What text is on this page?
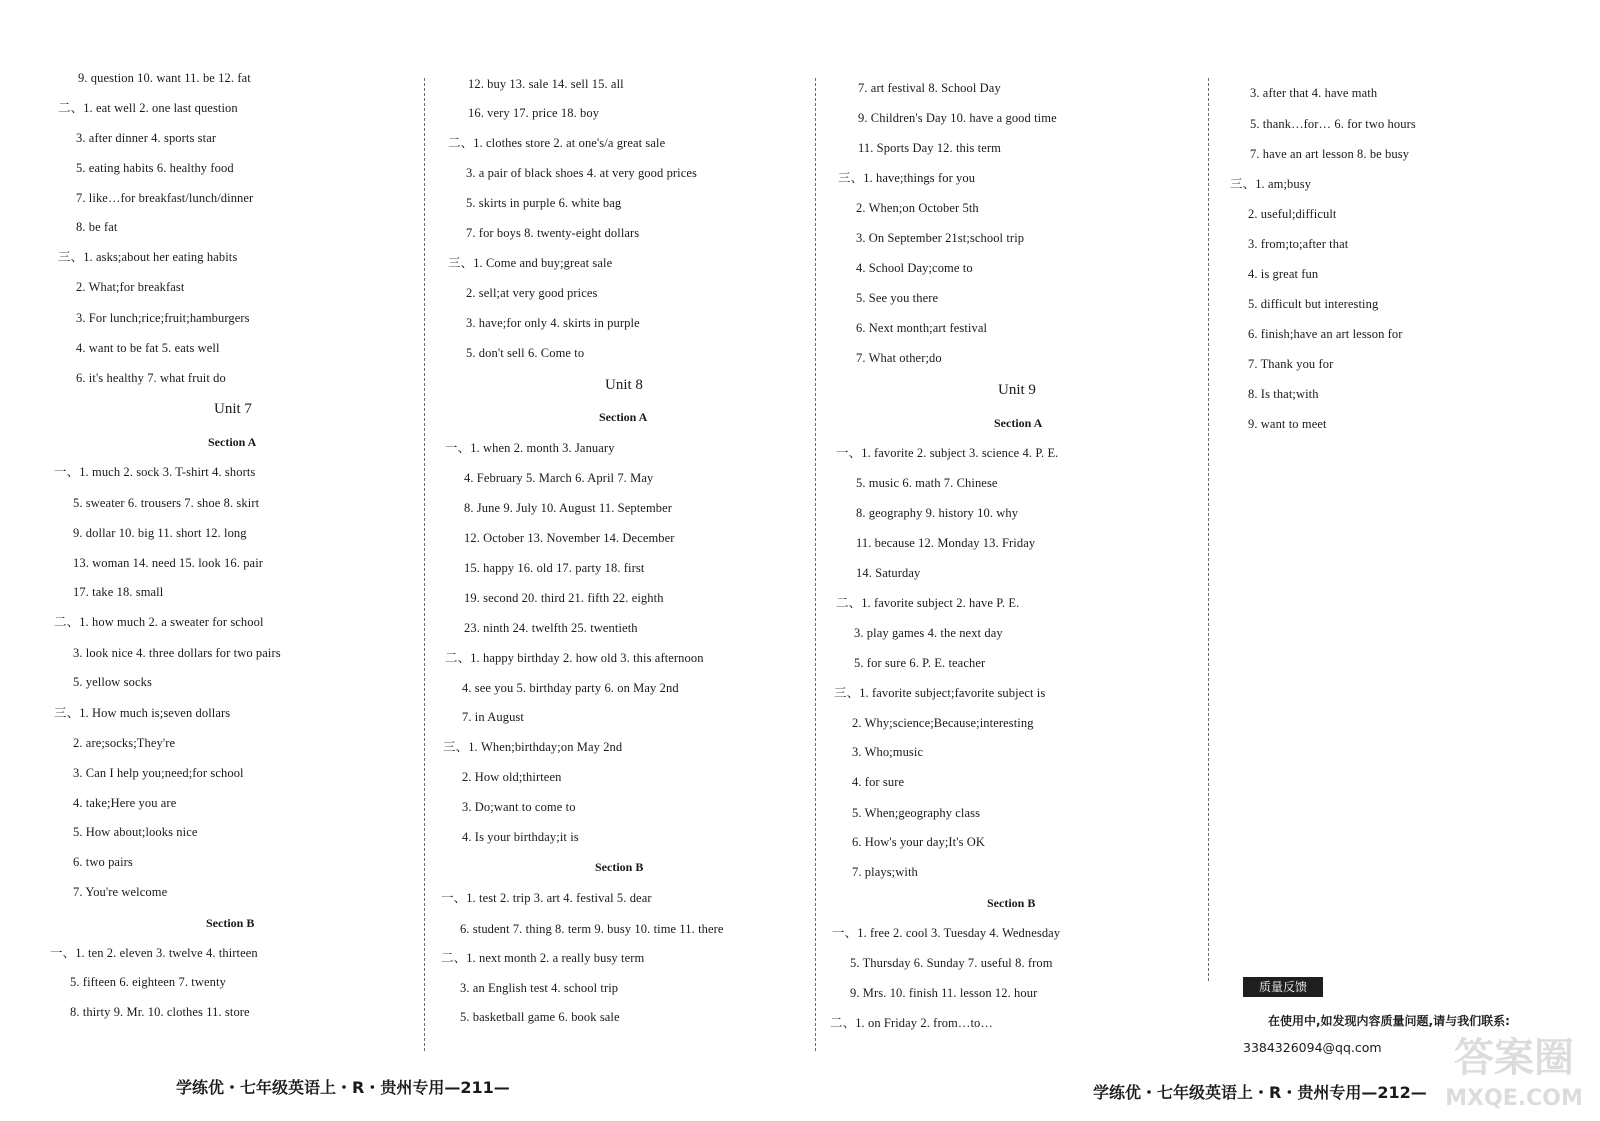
9. question 10. want 11. be 12. fat
二、1. eat well 2. one last question
3. after dinner 4. sports star
5. eating habits 6. healthy food
7. like…for breakfast/lunch/dinner
8. be fat
三、1. asks;about her eating habits
2. What;for breakfast
3. For lunch;rice;fruit;hamburgers
4. want to be fat 5. eats well
6. it's healthy 7. what fruit do
Unit 7
Section A
一、1. much 2. sock 3. T-shirt 4. shorts
5. sweater 6. trousers 7. shoe 8. skirt
9. dollar 10. big 11. short 12. long
13. woman 14. need 15. look 16. pair
17. take 18. small
二、1. how much 2. a sweater for school
3. look nice 4. three dollars for two pairs
5. yellow socks
三、1. How much is;seven dollars
2. are;socks;They're
3. Can I help you;need;for school
4. take;Here you are
5. How about;looks nice
6. two pairs
7. You're welcome
Section B
一、1. ten 2. eleven 3. twelve 4. thirteen
5. fifteen 6. eighteen 7. twenty
8. thirty 9. Mr. 10. clothes 11. store
12. buy 13. sale 14. sell 15. all
16. very 17. price 18. boy
二、1. clothes store 2. at one's/a great sale
3. a pair of black shoes 4. at very good prices
5. skirts in purple 6. white bag
7. for boys 8. twenty-eight dollars
三、1. Come and buy;great sale
2. sell;at very good prices
3. have;for only 4. skirts in purple
5. don't sell 6. Come to
Unit 8
Section A
一、1. when 2. month 3. January
4. February 5. March 6. April 7. May
8. June 9. July 10. August 11. September
12. October 13. November 14. December
15. happy 16. old 17. party 18. first
19. second 20. third 21. fifth 22. eighth
23. ninth 24. twelfth 25. twentieth
二、1. happy birthday 2. how old 3. this afternoon
4. see you 5. birthday party 6. on May 2nd
7. in August
三、1. When;birthday;on May 2nd
2. How old;thirteen
3. Do;want to come to
4. Is your birthday;it is
Section B
一、1. test 2. trip 3. art 4. festival 5. dear
6. student 7. thing 8. term 9. busy 10. time 11. there
二、1. next month 2. a really busy term
3. an English test 4. school trip
5. basketball game 6. book sale
7. art festival 8. School Day
9. Children's Day 10. have a good time
11. Sports Day 12. this term
三、1. have;things for you
2. When;on October 5th
3. On September 21st;school trip
4. School Day;come to
5. See you there
6. Next month;art festival
7. What other;do
Unit 9
Section A
一、1. favorite 2. subject 3. science 4. P. E.
5. music 6. math 7. Chinese
8. geography 9. history 10. why
11. because 12. Monday 13. Friday
14. Saturday
二、1. favorite subject 2. have P. E.
3. play games 4. the next day
5. for sure 6. P. E. teacher
三、1. favorite subject;favorite subject is
2. Why;science;Because;interesting
3. Who;music
4. for sure
5. When;geography class
6. How's your day;It's OK
7. plays;with
Section B
一、1. free 2. cool 3. Tuesday 4. Wednesday
5. Thursday 6. Sunday 7. useful 8. from
9. Mrs. 10. finish 11. lesson 12. hour
二、1. on Friday 2. from…to…
3. after that 4. have math
5. thank…for… 6. for two hours
7. have an art lesson 8. be busy
三、1. am;busy
2. useful;difficult
3. from;to;after that
4. is great fun
5. difficult but interesting
6. finish;have an art lesson for
7. Thank you for
8. Is that;with
9. want to meet
质量反馈
在使用中,如发现内容质量问题,请与我们联系:
3384326094@qq.com
学练优・七年级英语上・R・贵州专用—211—	学练优・七年级英语上・R・贵州专用—212—
答案圈
MXQE.COM
